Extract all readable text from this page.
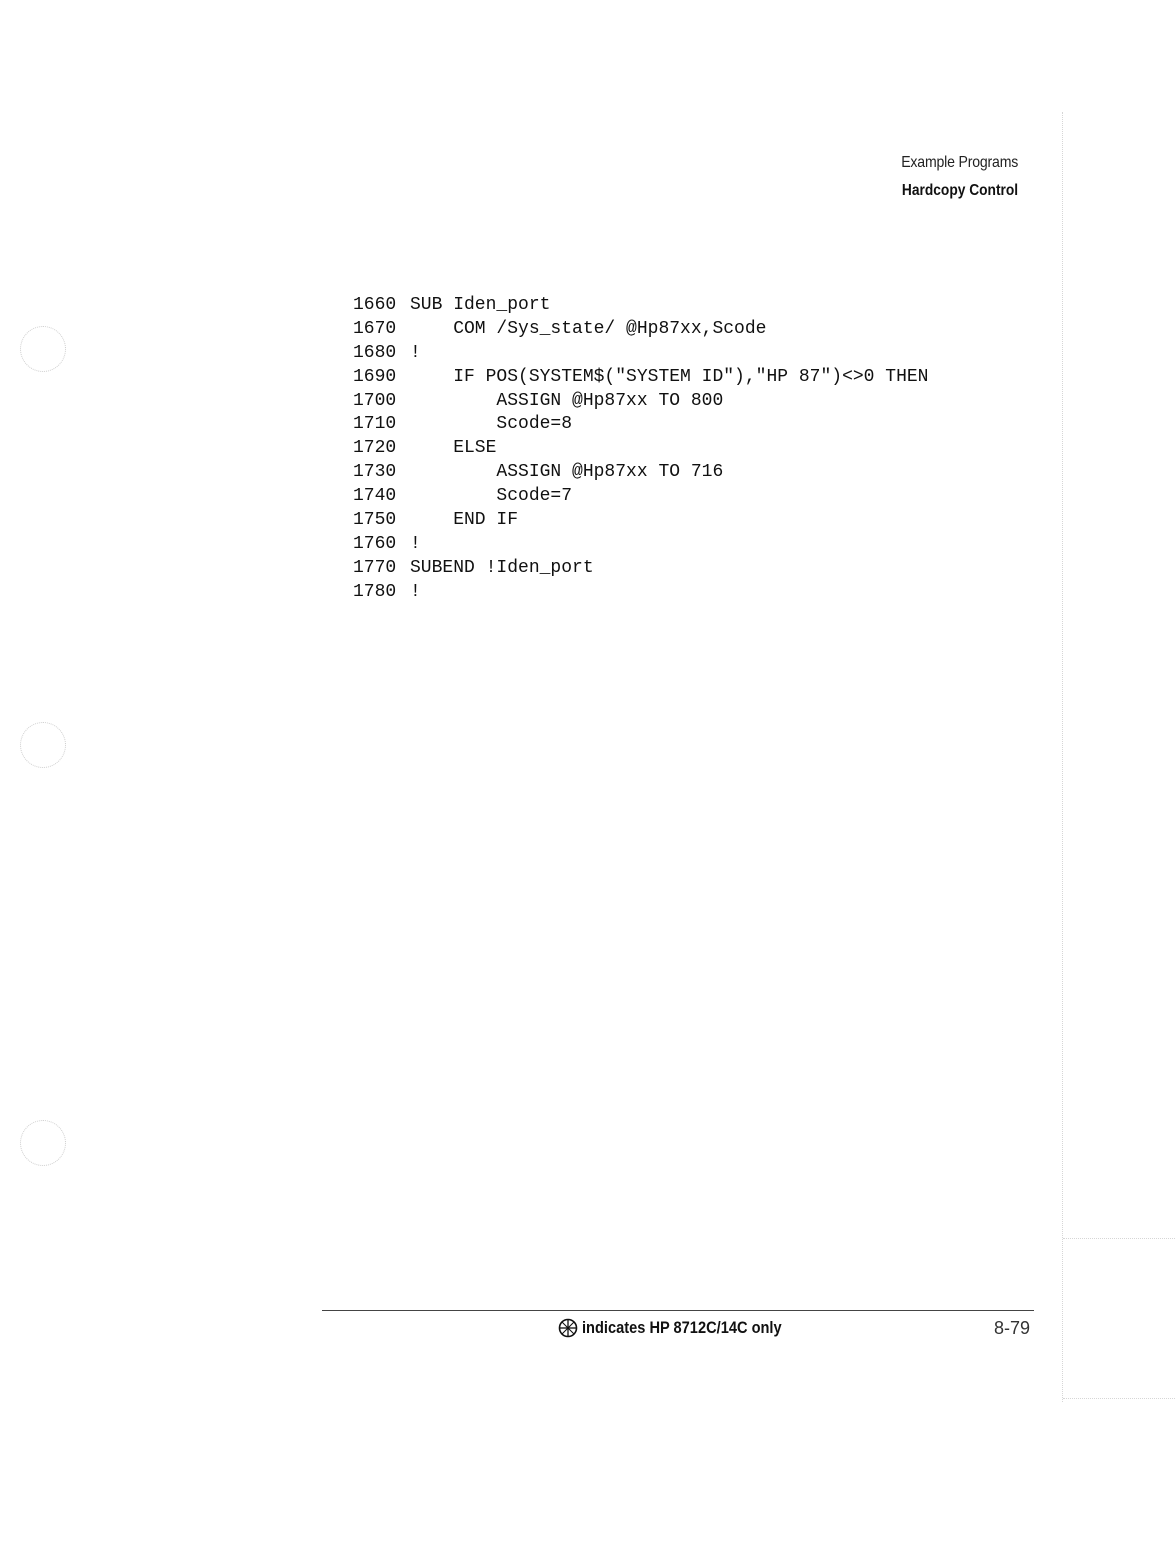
Example Programs
Hardcopy Control
1660 SUB Iden_port
1670    COM /Sys_state/ @Hp87xx,Scode
1680 !
1690    IF POS(SYSTEM$("SYSTEM ID"),"HP 87")<>0 THEN
1700        ASSIGN @Hp87xx TO 800
1710        Scode=8
1720    ELSE
1730        ASSIGN @Hp87xx TO 716
1740        Scode=7
1750    END IF
1760 !
1770 SUBEND !Iden_port
1780 !
indicates HP 8712C/14C only	8-79
